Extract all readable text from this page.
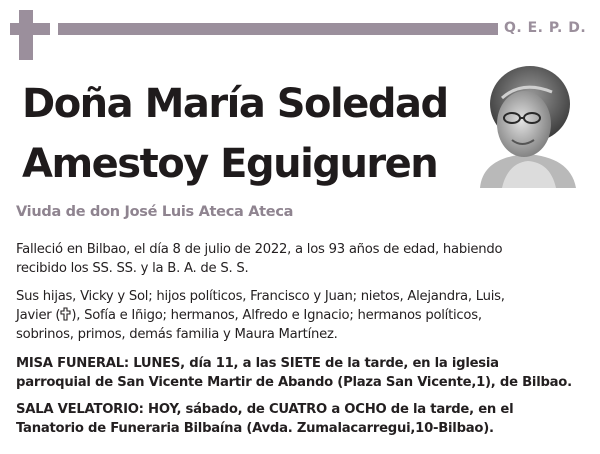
Q. E. P. D.
Doña María Soledad
Amestoy Eguiguren
Viuda de don José Luis Ateca Ateca
Falleció en Bilbao, el día 8 de julio de 2022, a los 93 años de edad, habiendo
recibido los SS. SS. y la B. A. de S. S.
Sus hijas, Vicky y Sol; hijos políticos, Francisco y Juan; nietos, Alejandra, Luis,
Javier ( ), Sofía e Iñigo; hermanos, Alfredo e Ignacio; hermanos políticos,
sobrinos, primos, demás familia y Maura Martínez.
MISA FUNERAL: LUNES, día 11, a las SIETE de la tarde, en la iglesia
parroquial de San Vicente Martir de Abando (Plaza San Vicente,1), de Bilbao.
SALA VELATORIO: HOY, sábado, de CUATRO a OCHO de la tarde, en el
Tanatorio de Funeraria Bilbaína (Avda. Zumalacarregui,10-Bilbao).
